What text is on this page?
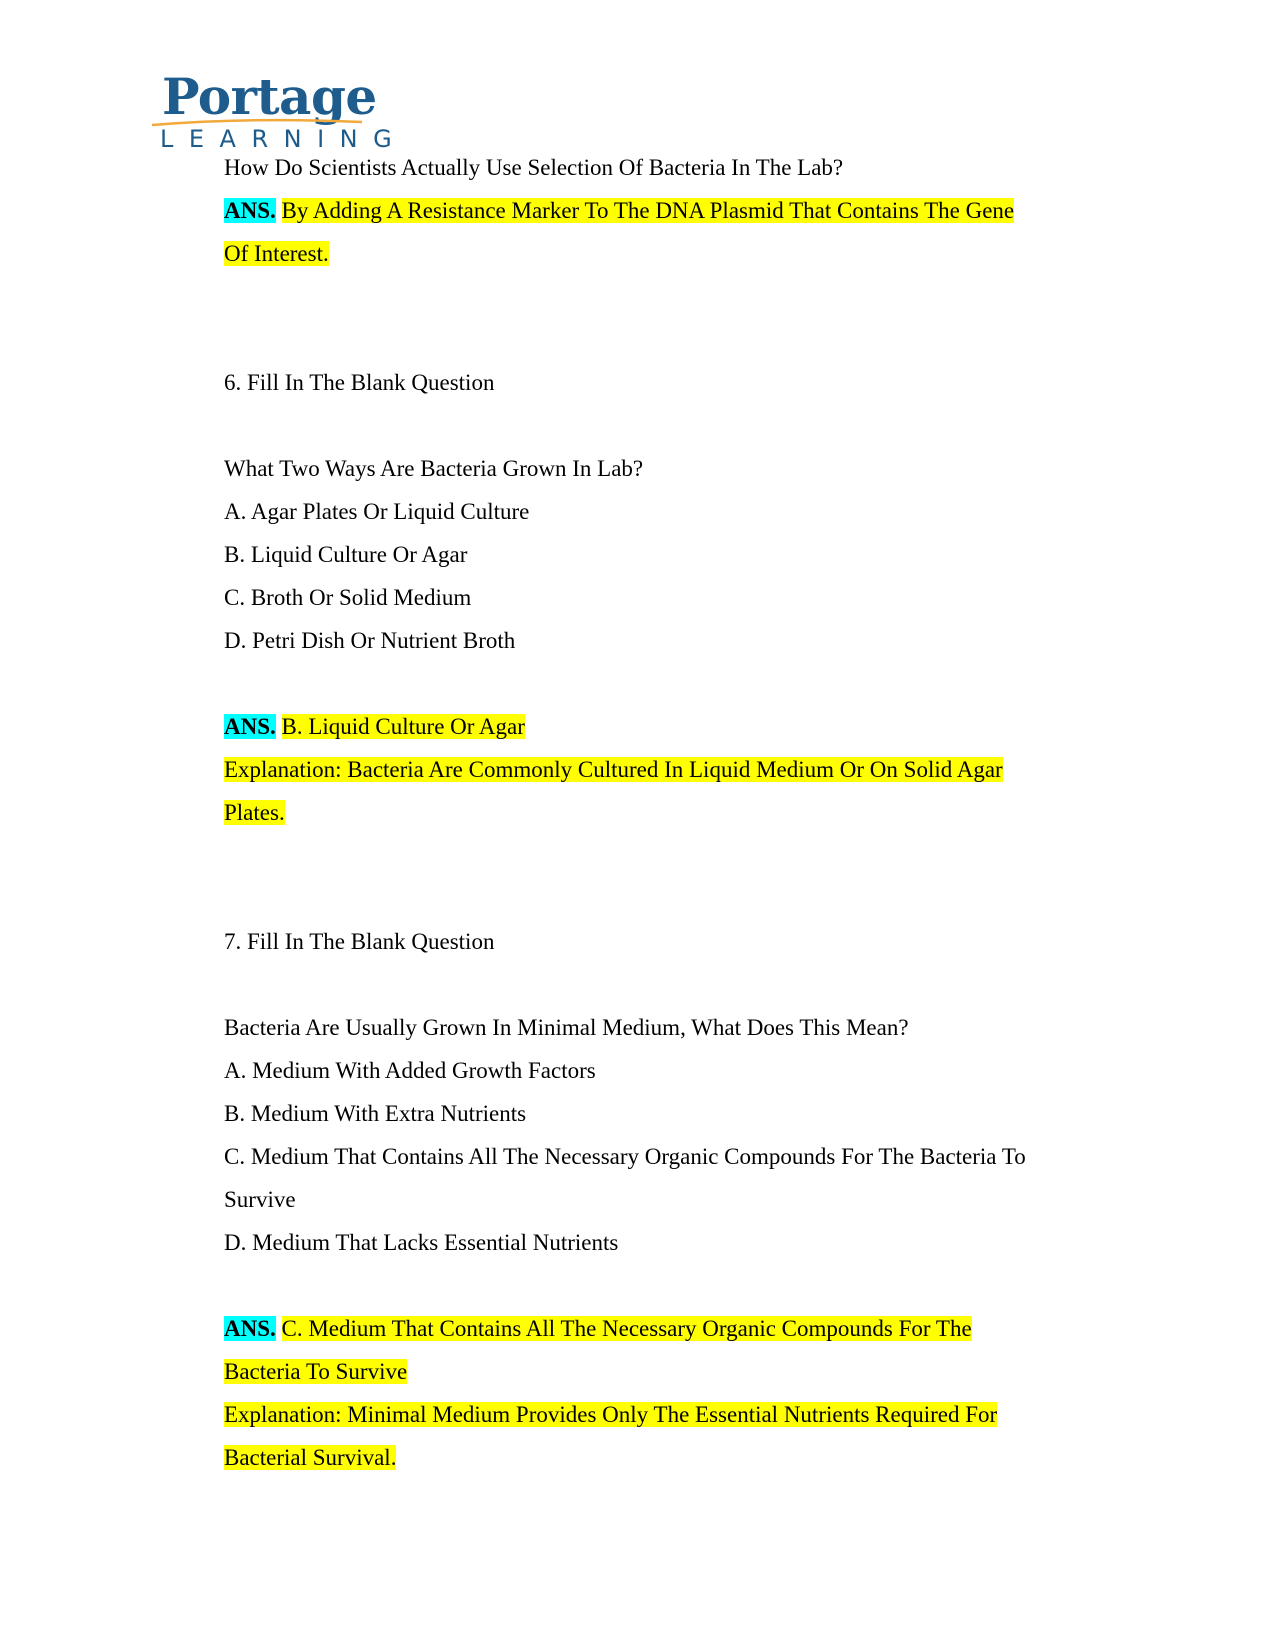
Portage
LEARNING

How Do Scientists Actually Use Selection Of Bacteria In The Lab?

ANS. By Adding A Resistance Marker To The DNA Plasmid That Contains The Gene

Of Interest.

6. Fill In The Blank Question

What Two Ways Are Bacteria Grown In Lab?

A. Agar Plates Or Liquid Culture

B. Liquid Culture Or Agar

C. Broth Or Solid Medium

D. Petri Dish Or Nutrient Broth

ANS. B. Liquid Culture Or Agar

Explanation: Bacteria Are Commonly Cultured In Liquid Medium Or On Solid Agar

Plates.

7. Fill In The Blank Question

Bacteria Are Usually Grown In Minimal Medium, What Does This Mean?

A. Medium With Added Growth Factors

B. Medium With Extra Nutrients

C. Medium That Contains All The Necessary Organic Compounds For The Bacteria To

Survive

D. Medium That Lacks Essential Nutrients

ANS. C. Medium That Contains All The Necessary Organic Compounds For The

Bacteria To Survive

Explanation: Minimal Medium Provides Only The Essential Nutrients Required For

Bacterial Survival.
